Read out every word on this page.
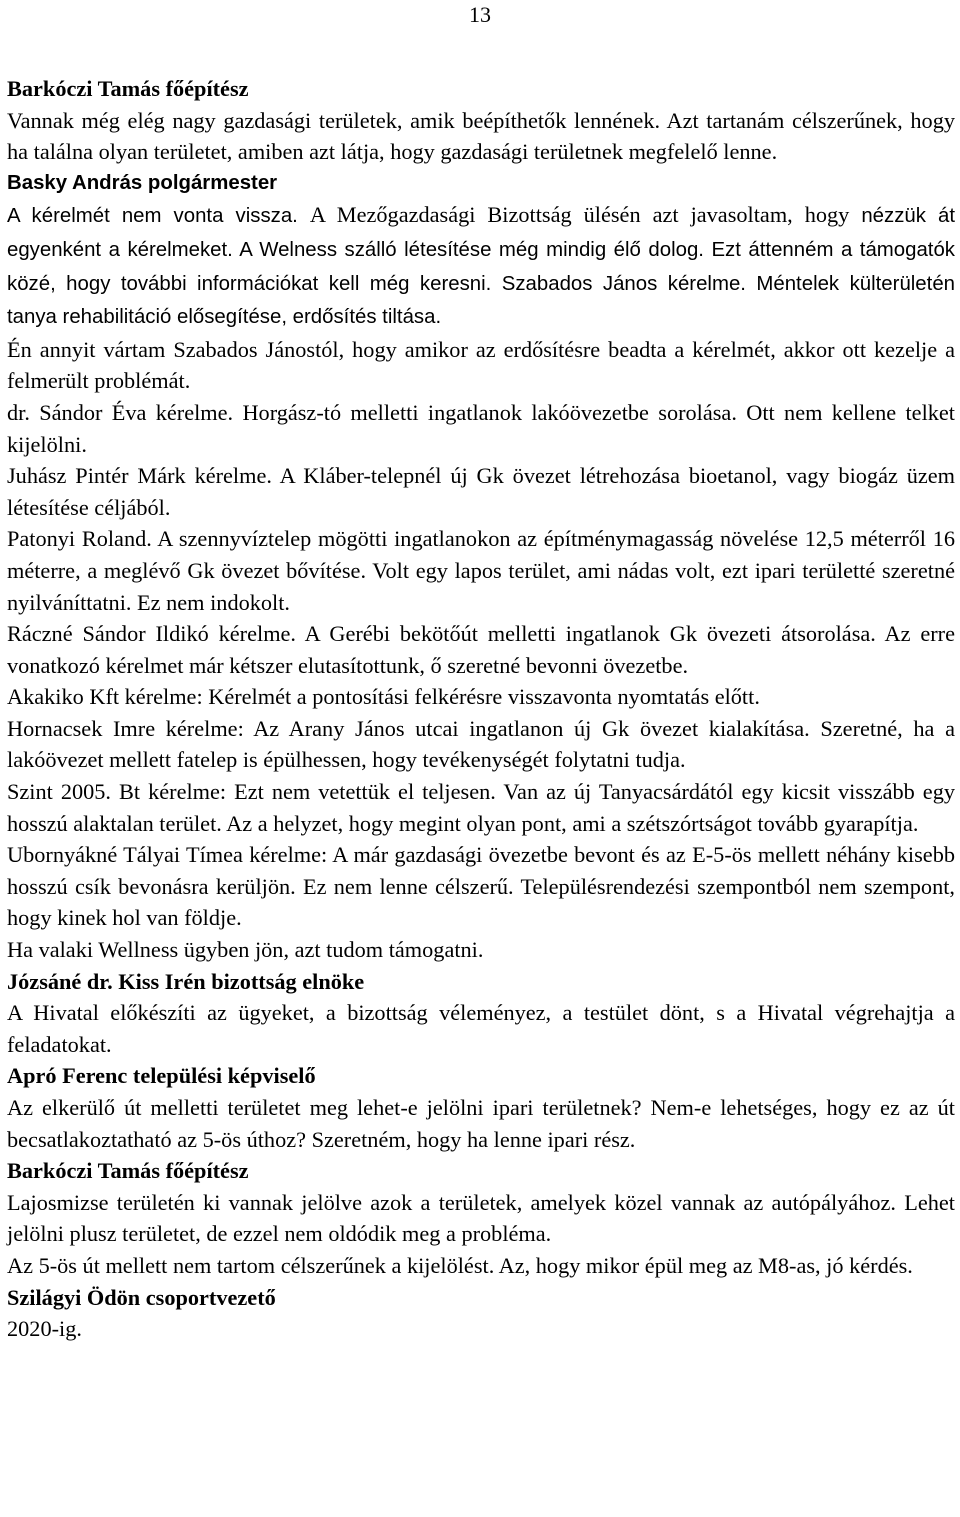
13

Barkóczi Tamás főépítész

Vannak még elég nagy gazdasági területek, amik beépíthetők lennének. Azt tartanám célszerűnek, hogy ha találna olyan területet, amiben azt látja, hogy gazdasági területnek megfelelő lenne.

Basky András polgármester

A kérelmét nem vonta vissza. A Mezőgazdasági Bizottság ülésén azt javasoltam, hogy nézzük át egyenként a kérelmeket. A Welness szálló létesítése még mindig élő dolog. Ezt áttenném a támogatók közé, hogy további információkat kell még keresni. Szabados János kérelme. Méntelek külterületén tanya rehabilitáció elősegítése, erdősítés tiltása.

Én annyit vártam Szabados Jánostól, hogy amikor az erdősítésre beadta a kérelmét, akkor ott kezelje a felmerült problémát.

dr. Sándor Éva kérelme. Horgász-tó melletti ingatlanok lakóövezetbe sorolása. Ott nem kellene telket kijelölni.

Juhász Pintér Márk kérelme. A Kláber-telepnél új Gk övezet létrehozása bioetanol, vagy biogáz üzem létesítése céljából.

Patonyi Roland. A szennyvíztelep mögötti ingatlanokon az építménymagasság növelése 12,5 méterről 16 méterre, a meglévő Gk övezet bővítése. Volt egy lapos terület, ami nádas volt, ezt ipari területté szeretné nyilváníttatni. Ez nem indokolt.

Ráczné Sándor Ildikó kérelme. A Gerébi bekötőút melletti ingatlanok Gk övezeti átsorolása. Az erre vonatkozó kérelmet már kétszer elutasítottunk, ő szeretné bevonni övezetbe.

Akakiko Kft kérelme: Kérelmét a pontosítási felkérésre visszavonta nyomtatás előtt.

Hornacsek Imre kérelme: Az Arany János utcai ingatlanon új Gk övezet kialakítása. Szeretné, ha a lakóövezet mellett fatelep is épülhessen, hogy tevékenységét folytatni tudja.

Szint 2005. Bt kérelme: Ezt nem vetettük el teljesen. Van az új Tanyacsárdától egy kicsit visszább egy hosszú alaktalan terület. Az a helyzet, hogy megint olyan pont, ami a szétszórtságot tovább gyarapítja.

Ubornyákné Tályai Tímea kérelme: A már gazdasági övezetbe bevont és az E-5-ös mellett néhány kisebb hosszú csík bevonásra kerüljön. Ez nem lenne célszerű. Településrendezési szempontból nem szempont, hogy kinek hol van földje.

Ha valaki Wellness ügyben jön, azt tudom támogatni.

Józsáné dr. Kiss Irén bizottság elnöke

A Hivatal előkészíti az ügyeket, a bizottság véleményez, a testület dönt, s a Hivatal végrehajtja a feladatokat.

Apró Ferenc települési képviselő

Az elkerülő út melletti területet meg lehet-e jelölni ipari területnek? Nem-e lehetséges, hogy ez az út becsatlakoztatható az 5-ös úthoz? Szeretném, hogy ha lenne ipari rész.

Barkóczi Tamás főépítész

Lajosmizse területén ki vannak jelölve azok a területek, amelyek közel vannak az autópályához. Lehet jelölni plusz területet, de ezzel nem oldódik meg a probléma.

Az 5-ös út mellett nem tartom célszerűnek a kijelölést. Az, hogy mikor épül meg az M8-as, jó kérdés.

Szilágyi Ödön csoportvezető

2020-ig.
